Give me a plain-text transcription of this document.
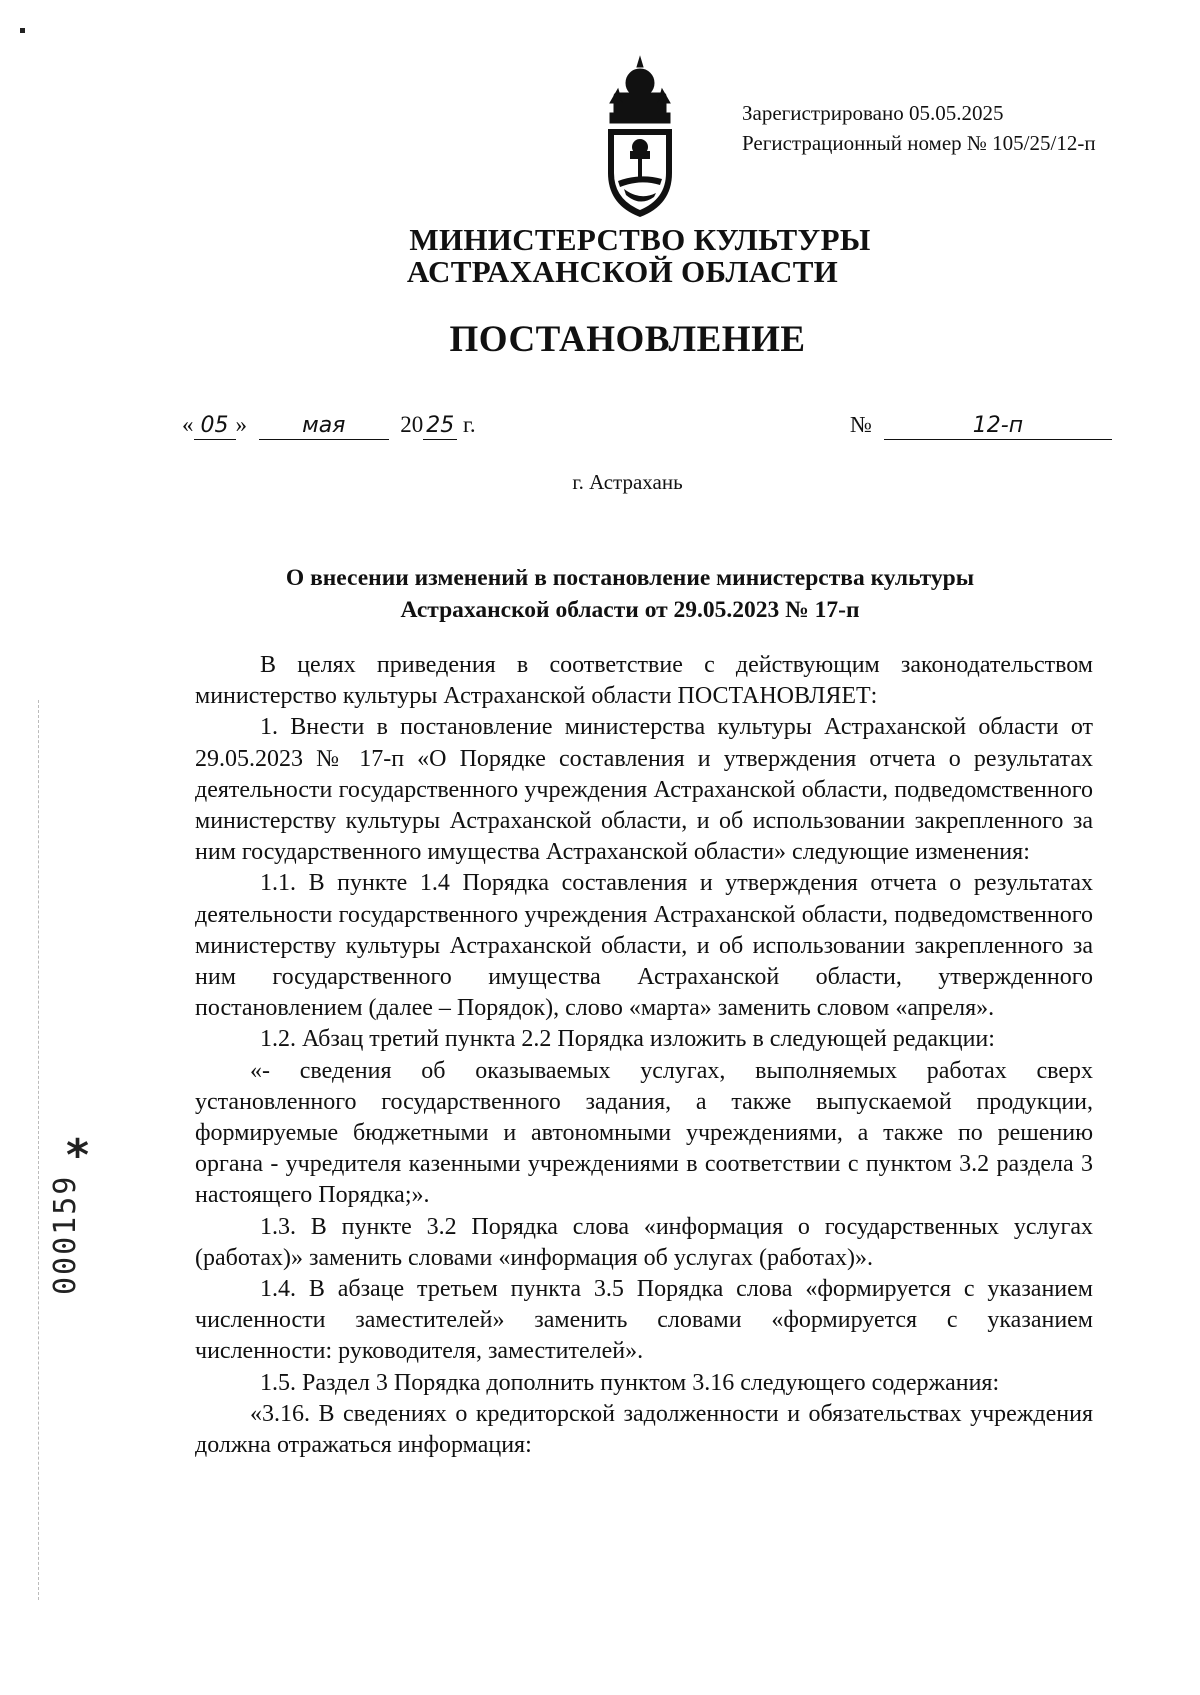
Зарегистрировано 05.05.2025
Регистрационный номер № 105/25/12-п
МИНИСТЕРСТВО КУЛЬТУРЫ
АСТРАХАНСКОЙ ОБЛАСТИ
ПОСТАНОВЛЕНИЕ
« 05 »	мая 20 25 г.	№	12-п
г. Астрахань
О внесении изменений в постановление министерства культуры
Астраханской области от 29.05.2023 № 17-п

В целях приведения в соответствие с действующим законодательством министерство культуры Астраханской области ПОСТАНОВЛЯЕТ:

1. Внести в постановление министерства культуры Астраханской области от 29.05.2023 № 17-п «О Порядке составления и утверждения отчета о результатах деятельности государственного учреждения Астраханской области, подведомственного министерству культуры Астраханской области, и об использовании закрепленного за ним государственного имущества Астраханской области» следующие изменения:

1.1. В пункте 1.4 Порядка составления и утверждения отчета о результатах деятельности государственного учреждения Астраханской области, подведомственного министерству культуры Астраханской области, и об использовании закрепленного за ним государственного имущества Астраханской области, утвержденного постановлением (далее – Порядок), слово «марта» заменить словом «апреля».

1.2. Абзац третий пункта 2.2 Порядка изложить в следующей редакции:

«- сведения об оказываемых услугах, выполняемых работах сверх установленного государственного задания, а также выпускаемой продукции, формируемые бюджетными и автономными учреждениями, а также по решению органа - учредителя казенными учреждениями в соответствии с пунктом 3.2 раздела 3 настоящего Порядка;».

1.3. В пункте 3.2 Порядка слова «информация о государственных услугах (работах)» заменить словами «информация об услугах (работах)».

1.4. В абзаце третьем пункта 3.5 Порядка слова «формируется с указанием численности заместителей» заменить словами «формируется с указанием численности: руководителя, заместителей».

1.5. Раздел 3 Порядка дополнить пунктом 3.16 следующего содержания:

«3.16. В сведениях о кредиторской задолженности и обязательствах учреждения должна отражаться информация:

*
000159
